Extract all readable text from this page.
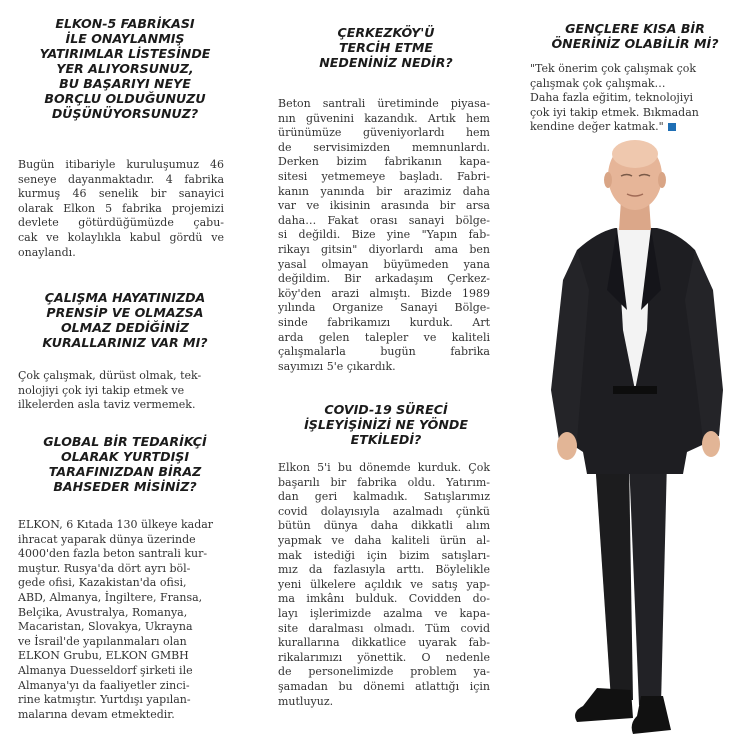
ELKON-5 FABRİKASI
İLE ONAYLANMIŞ
YATIRIMLAR LİSTESİNDE
YER ALIYORSUNUZ,
BU BAŞARIYI NEYE
BORÇLU OLDUĞUNUZU
DÜŞÜNÜYORSUNUZ?

Bugün itibariyle kuruluşumuz 46
seneye dayanmaktadır. 4 fabrika
kurmuş 46 senelik bir sanayici
olarak Elkon 5 fabrika projemizi
devlete götürdüğümüzde çabu-
cak ve kolaylıkla kabul gördü ve
onaylandı.

ÇALIŞMA HAYATINIZDA
PRENSİP VE OLMAZSA
OLMAZ DEDİĞİNİZ
KURALLARINIZ VAR MI?

Çok çalışmak, dürüst olmak, tek-
nolojiyi çok iyi takip etmek ve
ilkelerden asla taviz vermemek.

GLOBAL BİR TEDARİKÇİ
OLARAK YURTDIŞI
TARAFINIZDAN BİRAZ
BAHSEDER MİSİNİZ?

ELKON, 6 Kıtada 130 ülkeye kadar
ihracat yaparak dünya üzerinde
4000'den fazla beton santrali kur-
muştur. Rusya'da dört ayrı böl-
gede ofisi, Kazakistan'da ofisi,
ABD, Almanya, İngiltere, Fransa,
Belçika, Avustralya, Romanya,
Macaristan, Slovakya, Ukrayna
ve İsrail'de yapılanmaları olan
ELKON Grubu, ELKON GMBH
Almanya Duesseldorf şirketi ile
Almanya'yı da faaliyetler zinci-
rine katmıştır. Yurtdışı yapılan-
malarına devam etmektedir.

ÇERKEZKÖY'Ü
TERCİH ETME
NEDENİNİZ NEDİR?

Beton santrali üretiminde piyasa-
nın güvenini kazandık. Artık hem
ürünümüze güveniyorlardı hem
de servisimizden memnunlardı.
Derken bizim fabrikanın kapa-
sitesi yetmemeye başladı. Fabri-
kanın yanında bir arazimiz daha
var ve ikisinin arasında bir arsa
daha… Fakat orası sanayi bölge-
si değildi. Bize yine "Yapın fab-
rikayı gitsin" diyorlardı ama ben
yasal olmayan büyümeden yana
değildim. Bir arkadaşım Çerkez-
köy'den arazi almıştı. Bizde 1989
yılında Organize Sanayi Bölge-
sinde fabrikamızı kurduk. Art
arda gelen talepler ve kaliteli
çalışmalarla bugün fabrika
sayımızı 5'e çıkardık.

COVID-19 SÜRECİ
İŞLEYİŞİNİZİ NE YÖNDE
ETKİLEDİ?

Elkon 5'i bu dönemde kurduk. Çok
başarılı bir fabrika oldu. Yatırım-
dan geri kalmadık. Satışlarımız
covid dolayısıyla azalmadı çünkü
bütün dünya daha dikkatli alım
yapmak ve daha kaliteli ürün al-
mak istediği için bizim satışları-
mız da fazlasıyla arttı. Böylelikle
yeni ülkelere açıldık ve satış yap-
ma imkânı bulduk. Covidden do-
layı işlerimizde azalma ve kapa-
site daralması olmadı. Tüm covid
kurallarına dikkatlice uyarak fab-
rikalarımızı yönettik. O nedenle
de personelimizde problem ya-
şamadan bu dönemi atlattığı için
mutluyuz.

GENÇLERE KISA BİR
ÖNERİNİZ OLABİLİR Mİ?

"Tek önerim çok çalışmak çok
çalışmak çok çalışmak…
Daha fazla eğitim, teknolojiyi
çok iyi takip etmek. Bıkmadan
kendine değer katmak."
